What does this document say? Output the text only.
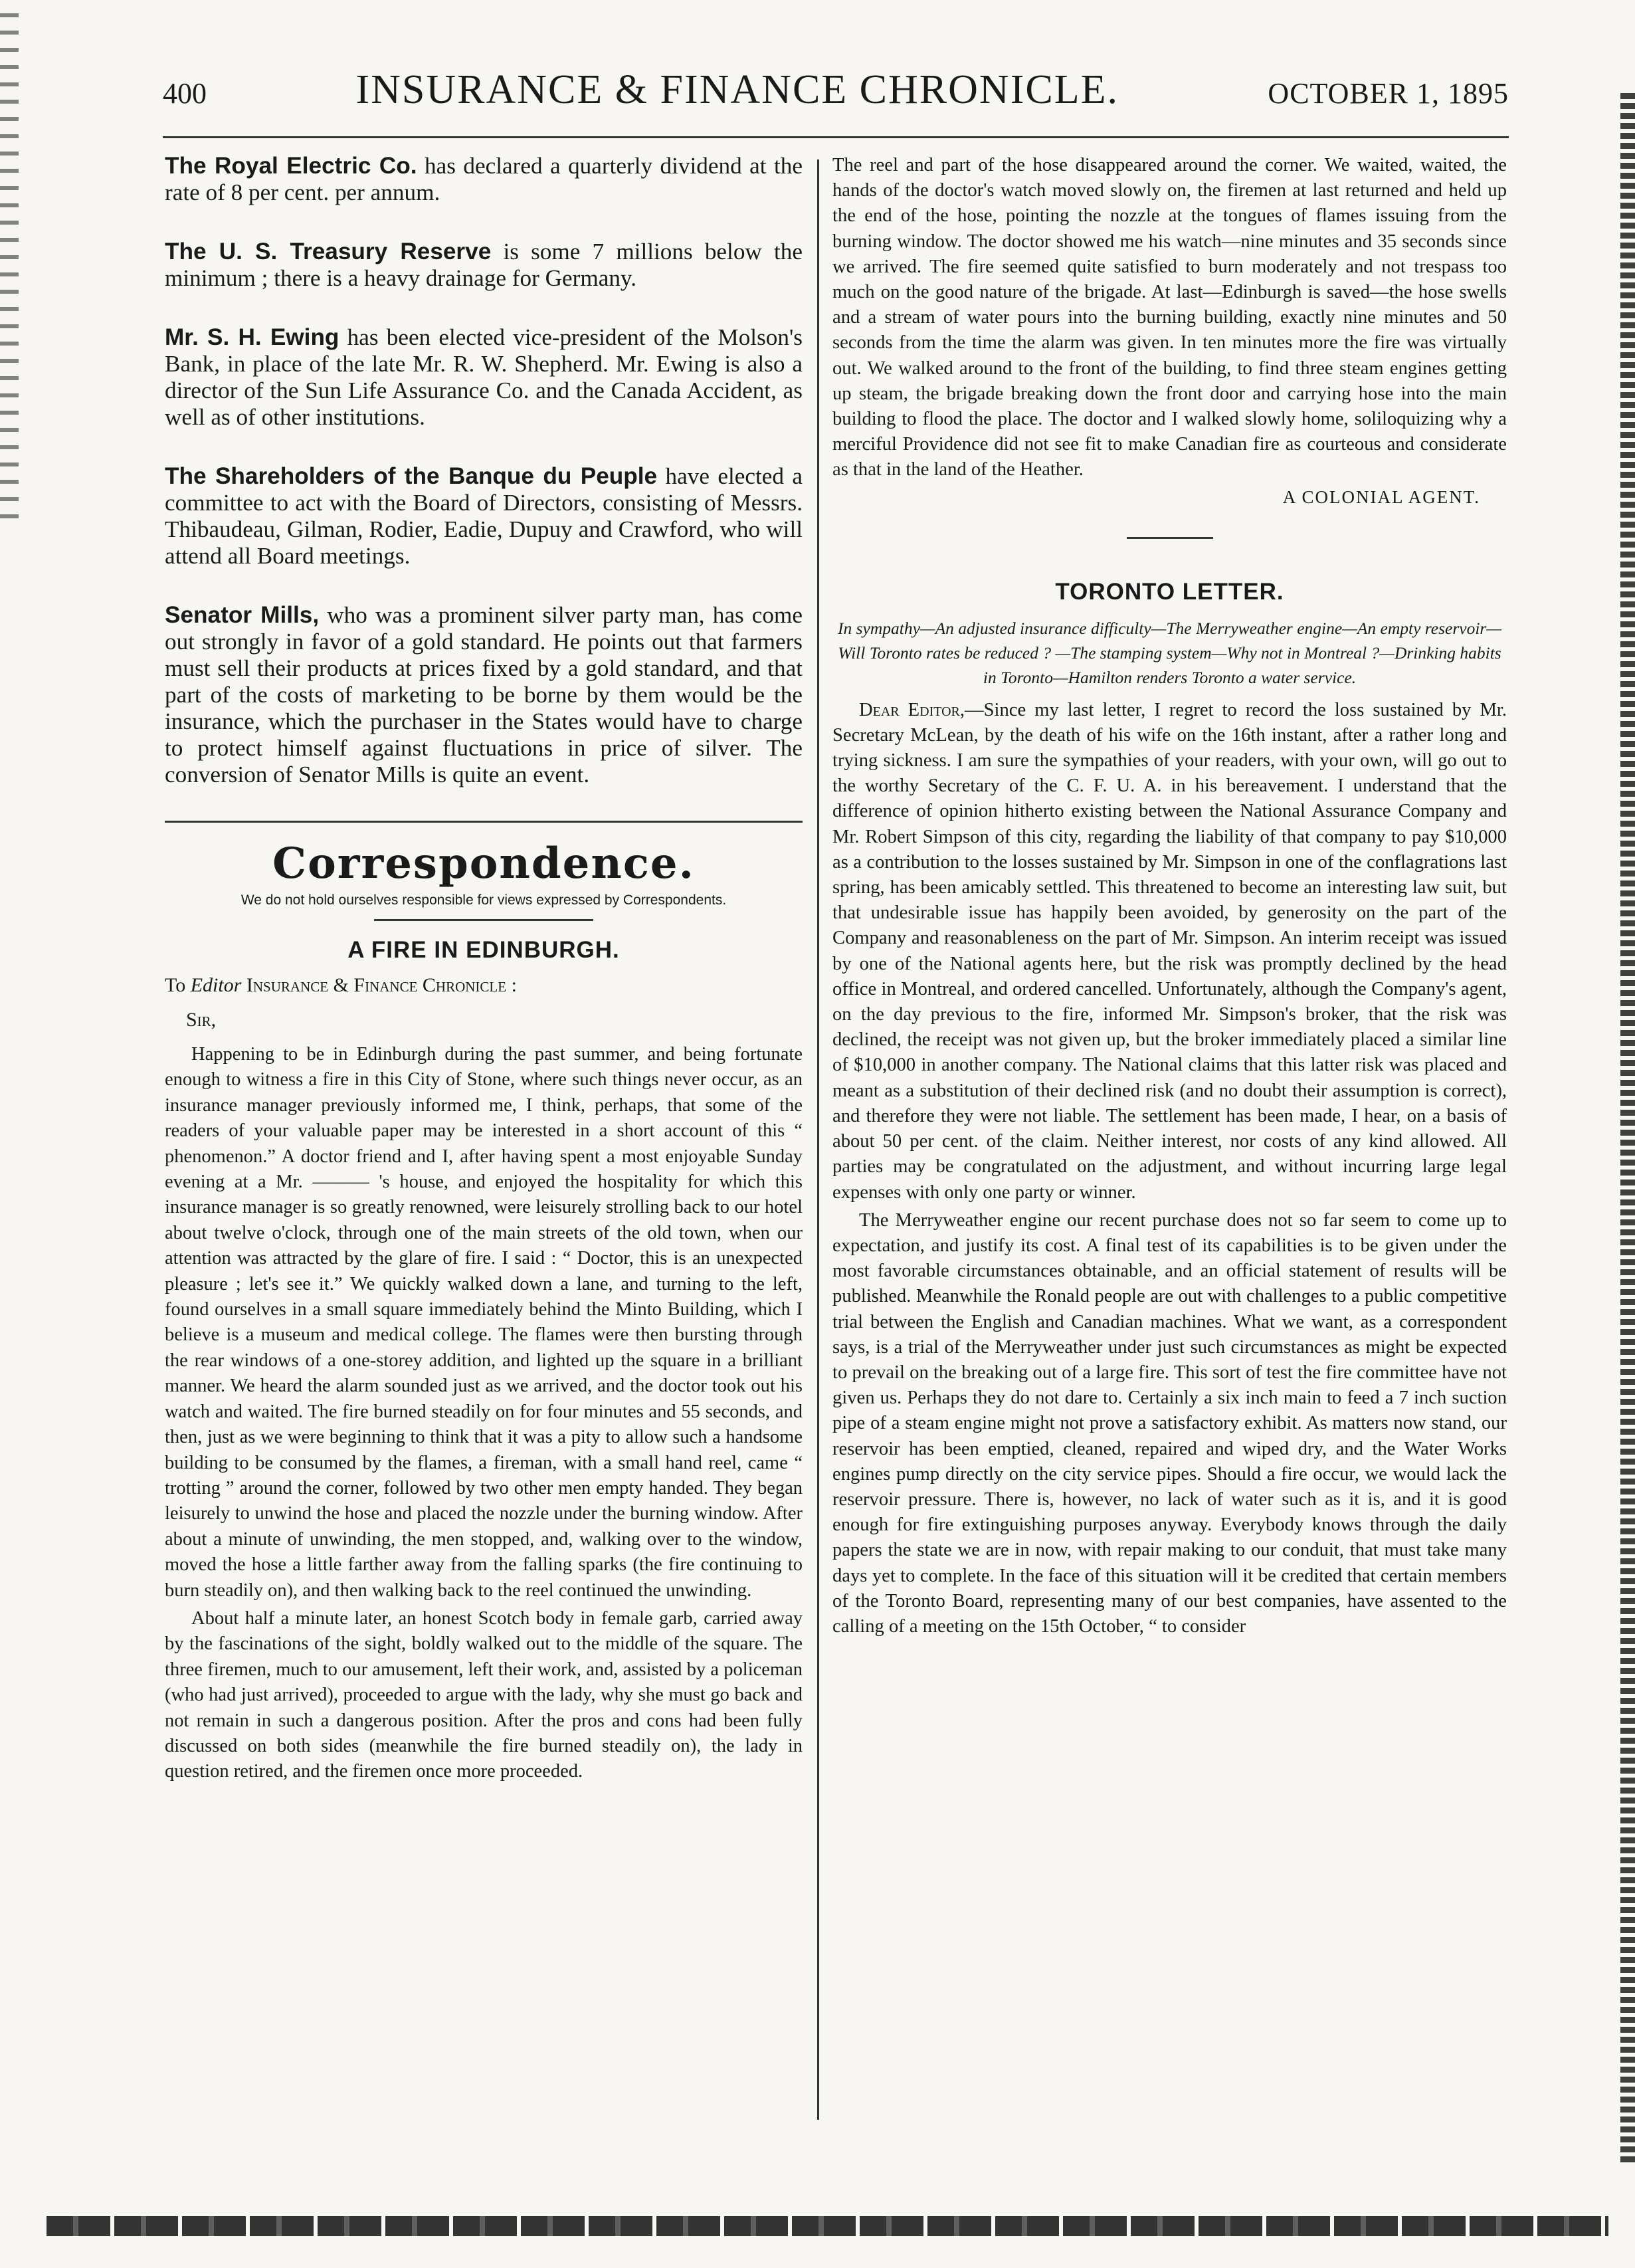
400	INSURANCE & FINANCE CHRONICLE.	OCTOBER 1, 1895

The Royal Electric Co. has declared a quarterly dividend at the rate of 8 per cent. per annum.

The U. S. Treasury Reserve is some 7 millions below the minimum ; there is a heavy drainage for Germany.

Mr. S. H. Ewing has been elected vice-president of the Molson's Bank, in place of the late Mr. R. W. Shepherd. Mr. Ewing is also a director of the Sun Life Assurance Co. and the Canada Accident, as well as of other institutions.

The Shareholders of the Banque du Peuple have elected a committee to act with the Board of Directors, consisting of Messrs. Thibaudeau, Gilman, Rodier, Eadie, Dupuy and Crawford, who will attend all Board meetings.

Senator Mills, who was a prominent silver party man, has come out strongly in favor of a gold standard. He points out that farmers must sell their products at prices fixed by a gold standard, and that part of the costs of marketing to be borne by them would be the insurance, which the purchaser in the States would have to charge to protect himself against fluctuations in price of silver. The conversion of Senator Mills is quite an event.

Correspondence.
We do not hold ourselves responsible for views expressed by Correspondents.
A FIRE IN EDINBURGH.
To Editor Insurance & Finance Chronicle :
Sir,

Happening to be in Edinburgh during the past summer, and being fortunate enough to witness a fire in this City of Stone, where such things never occur, as an insurance manager previously informed me, I think, perhaps, that some of the readers of your valuable paper may be interested in a short account of this “ phenomenon.” A doctor friend and I, after having spent a most enjoyable Sunday evening at a Mr. ——— 's house, and enjoyed the hospitality for which this insurance manager is so greatly renowned, were leisurely strolling back to our hotel about twelve o'clock, through one of the main streets of the old town, when our attention was attracted by the glare of fire. I said : “ Doctor, this is an unexpected pleasure ; let's see it.” We quickly walked down a lane, and turning to the left, found ourselves in a small square immediately behind the Minto Building, which I believe is a museum and medical college. The flames were then bursting through the rear windows of a one-storey addition, and lighted up the square in a brilliant manner. We heard the alarm sounded just as we arrived, and the doctor took out his watch and waited. The fire burned steadily on for four minutes and 55 seconds, and then, just as we were beginning to think that it was a pity to allow such a handsome building to be consumed by the flames, a fireman, with a small hand reel, came “ trotting ” around the corner, followed by two other men empty handed. They began leisurely to unwind the hose and placed the nozzle under the burning window. After about a minute of unwinding, the men stopped, and, walking over to the window, moved the hose a little farther away from the falling sparks (the fire continuing to burn steadily on), and then walking back to the reel continued the unwinding.

About half a minute later, an honest Scotch body in female garb, carried away by the fascinations of the sight, boldly walked out to the middle of the square. The three firemen, much to our amusement, left their work, and, assisted by a policeman (who had just arrived), proceeded to argue with the lady, why she must go back and not remain in such a dangerous position. After the pros and cons had been fully discussed on both sides (meanwhile the fire burned steadily on), the lady in question retired, and the firemen once more proceeded.

The reel and part of the hose disappeared around the corner. We waited, waited, the hands of the doctor's watch moved slowly on, the firemen at last returned and held up the end of the hose, pointing the nozzle at the tongues of flames issuing from the burning window. The doctor showed me his watch—nine minutes and 35 seconds since we arrived. The fire seemed quite satisfied to burn moderately and not trespass too much on the good nature of the brigade. At last—Edinburgh is saved—the hose swells and a stream of water pours into the burning building, exactly nine minutes and 50 seconds from the time the alarm was given. In ten minutes more the fire was virtually out. We walked around to the front of the building, to find three steam engines getting up steam, the brigade breaking down the front door and carrying hose into the main building to flood the place. The doctor and I walked slowly home, soliloquizing why a merciful Providence did not see fit to make Canadian fire as courteous and considerate as that in the land of the Heather.

A COLONIAL AGENT.
TORONTO LETTER.
In sympathy—An adjusted insurance difficulty—The Merryweather engine—An empty reservoir—Will Toronto rates be reduced ? —The stamping system—Why not in Montreal ?—Drinking habits in Toronto—Hamilton renders Toronto a water service.

Dear Editor,—Since my last letter, I regret to record the loss sustained by Mr. Secretary McLean, by the death of his wife on the 16th instant, after a rather long and trying sickness. I am sure the sympathies of your readers, with your own, will go out to the worthy Secretary of the C. F. U. A. in his bereavement. I understand that the difference of opinion hitherto existing between the National Assurance Company and Mr. Robert Simpson of this city, regarding the liability of that company to pay $10,000 as a contribution to the losses sustained by Mr. Simpson in one of the conflagrations last spring, has been amicably settled. This threatened to become an interesting law suit, but that undesirable issue has happily been avoided, by generosity on the part of the Company and reasonableness on the part of Mr. Simpson. An interim receipt was issued by one of the National agents here, but the risk was promptly declined by the head office in Montreal, and ordered cancelled. Unfortunately, although the Company's agent, on the day previous to the fire, informed Mr. Simpson's broker, that the risk was declined, the receipt was not given up, but the broker immediately placed a similar line of $10,000 in another company. The National claims that this latter risk was placed and meant as a substitution of their declined risk (and no doubt their assumption is correct), and therefore they were not liable. The settlement has been made, I hear, on a basis of about 50 per cent. of the claim. Neither interest, nor costs of any kind allowed. All parties may be congratulated on the adjustment, and without incurring large legal expenses with only one party or winner.

The Merryweather engine our recent purchase does not so far seem to come up to expectation, and justify its cost. A final test of its capabilities is to be given under the most favorable circumstances obtainable, and an official statement of results will be published. Meanwhile the Ronald people are out with challenges to a public competitive trial between the English and Canadian machines. What we want, as a correspondent says, is a trial of the Merryweather under just such circumstances as might be expected to prevail on the breaking out of a large fire. This sort of test the fire committee have not given us. Perhaps they do not dare to. Certainly a six inch main to feed a 7 inch suction pipe of a steam engine might not prove a satisfactory exhibit. As matters now stand, our reservoir has been emptied, cleaned, repaired and wiped dry, and the Water Works engines pump directly on the city service pipes. Should a fire occur, we would lack the reservoir pressure. There is, however, no lack of water such as it is, and it is good enough for fire extinguishing purposes anyway. Everybody knows through the daily papers the state we are in now, with repair making to our conduit, that must take many days yet to complete. In the face of this situation will it be credited that certain members of the Toronto Board, representing many of our best companies, have assented to the calling of a meeting on the 15th October, “ to consider
